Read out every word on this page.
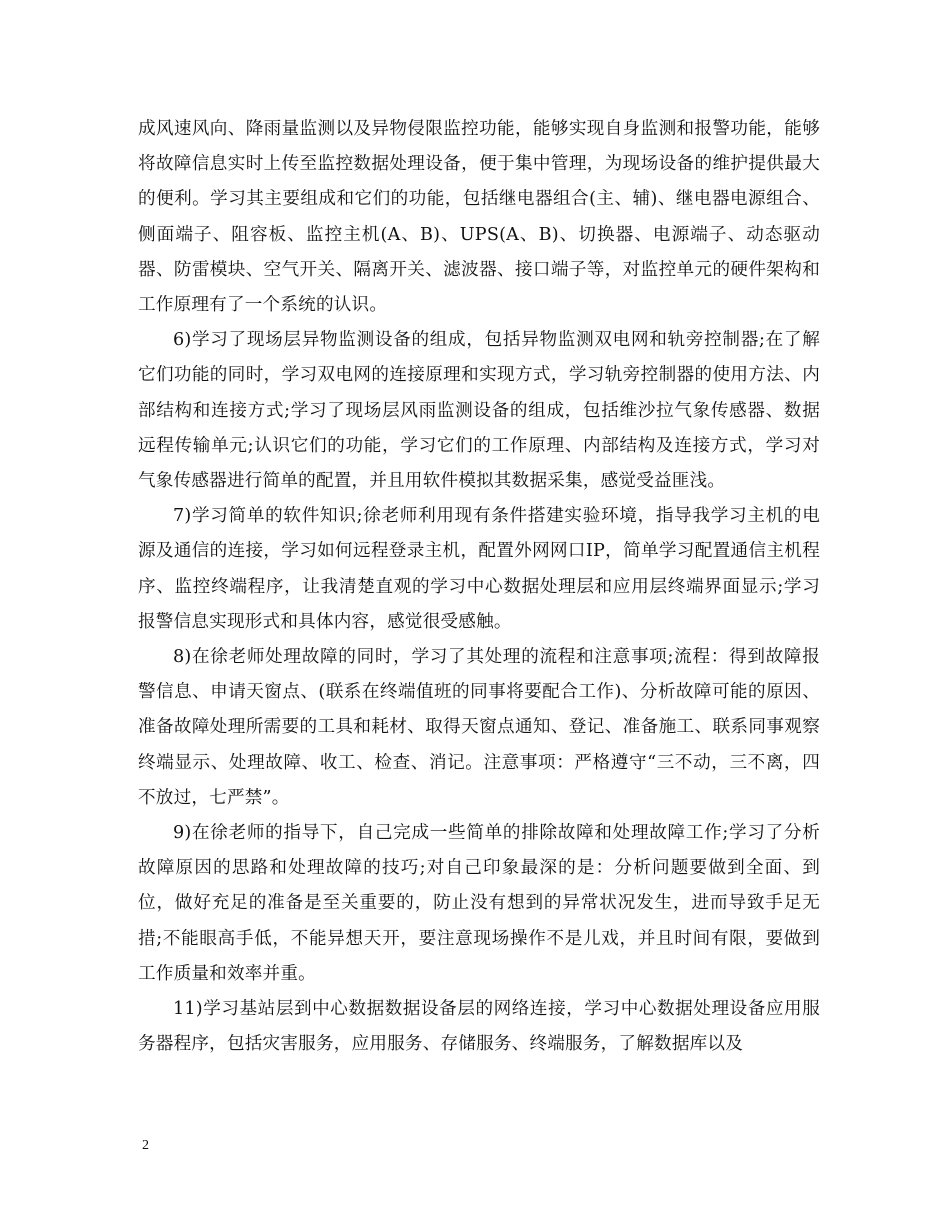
成风速风向、降雨量监测以及异物侵限监控功能，能够实现自身监测和报警功能，能够将故障信息实时上传至监控数据处理设备，便于集中管理，为现场设备的维护提供最大的便利。学习其主要组成和它们的功能，包括继电器组合(主、辅)、继电器电源组合、侧面端子、阻容板、监控主机(A、B)、UPS(A、B)、切换器、电源端子、动态驱动器、防雷模块、空气开关、隔离开关、滤波器、接口端子等，对监控单元的硬件架构和工作原理有了一个系统的认识。

6)学习了现场层异物监测设备的组成，包括异物监测双电网和轨旁控制器;在了解它们功能的同时，学习双电网的连接原理和实现方式，学习轨旁控制器的使用方法、内部结构和连接方式;学习了现场层风雨监测设备的组成，包括维沙拉气象传感器、数据远程传输单元;认识它们的功能，学习它们的工作原理、内部结构及连接方式，学习对气象传感器进行简单的配置，并且用软件模拟其数据采集，感觉受益匪浅。

7)学习简单的软件知识;徐老师利用现有条件搭建实验环境，指导我学习主机的电源及通信的连接，学习如何远程登录主机，配置外网网口IP，简单学习配置通信主机程序、监控终端程序，让我清楚直观的学习中心数据处理层和应用层终端界面显示;学习报警信息实现形式和具体内容，感觉很受感触。

8)在徐老师处理故障的同时，学习了其处理的流程和注意事项;流程：得到故障报警信息、申请天窗点、(联系在终端值班的同事将要配合工作)、分析故障可能的原因、准备故障处理所需要的工具和耗材、取得天窗点通知、登记、准备施工、联系同事观察终端显示、处理故障、收工、检查、消记。注意事项：严格遵守“三不动，三不离，四不放过，七严禁”。

9)在徐老师的指导下，自己完成一些简单的排除故障和处理故障工作;学习了分析故障原因的思路和处理故障的技巧;对自己印象最深的是：分析问题要做到全面、到位，做好充足的准备是至关重要的，防止没有想到的异常状况发生，进而导致手足无措;不能眼高手低，不能异想天开，要注意现场操作不是儿戏，并且时间有限，要做到工作质量和效率并重。

11)学习基站层到中心数据数据设备层的网络连接，学习中心数据处理设备应用服务器程序，包括灾害服务，应用服务、存储服务、终端服务，了解数据库以及

2
